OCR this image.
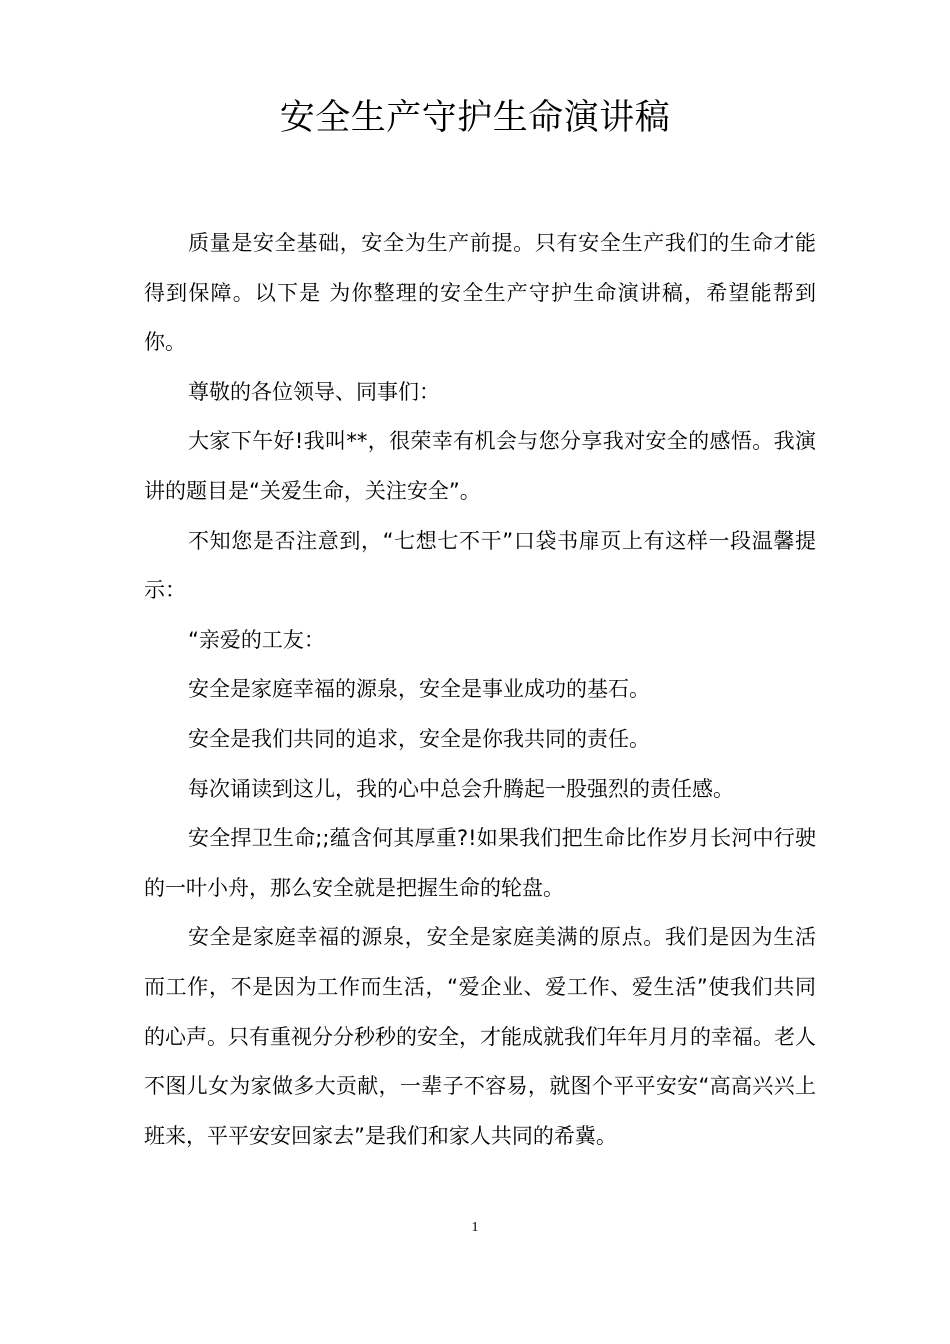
安全生产守护生命演讲稿

质量是安全基础，安全为生产前提。只有安全生产我们的生命才能得到保障。以下是 为你整理的安全生产守护生命演讲稿，希望能帮到你。

尊敬的各位领导、同事们：

大家下午好!我叫**，很荣幸有机会与您分享我对安全的感悟。我演讲的题目是“关爱生命，关注安全”。

不知您是否注意到，“七想七不干”口袋书扉页上有这样一段温馨提示：

“亲爱的工友：

安全是家庭幸福的源泉，安全是事业成功的基石。

安全是我们共同的追求，安全是你我共同的责任。

每次诵读到这儿，我的心中总会升腾起一股强烈的责任感。

安全捍卫生命;;蕴含何其厚重?!如果我们把生命比作岁月长河中行驶的一叶小舟，那么安全就是把握生命的轮盘。

安全是家庭幸福的源泉，安全是家庭美满的原点。我们是因为生活而工作，不是因为工作而生活，“爱企业、爱工作、爱生活”使我们共同的心声。只有重视分分秒秒的安全，才能成就我们年年月月的幸福。老人不图儿女为家做多大贡献，一辈子不容易，就图个平平安安“高高兴兴上班来，平平安安回家去”是我们和家人共同的希冀。

1
